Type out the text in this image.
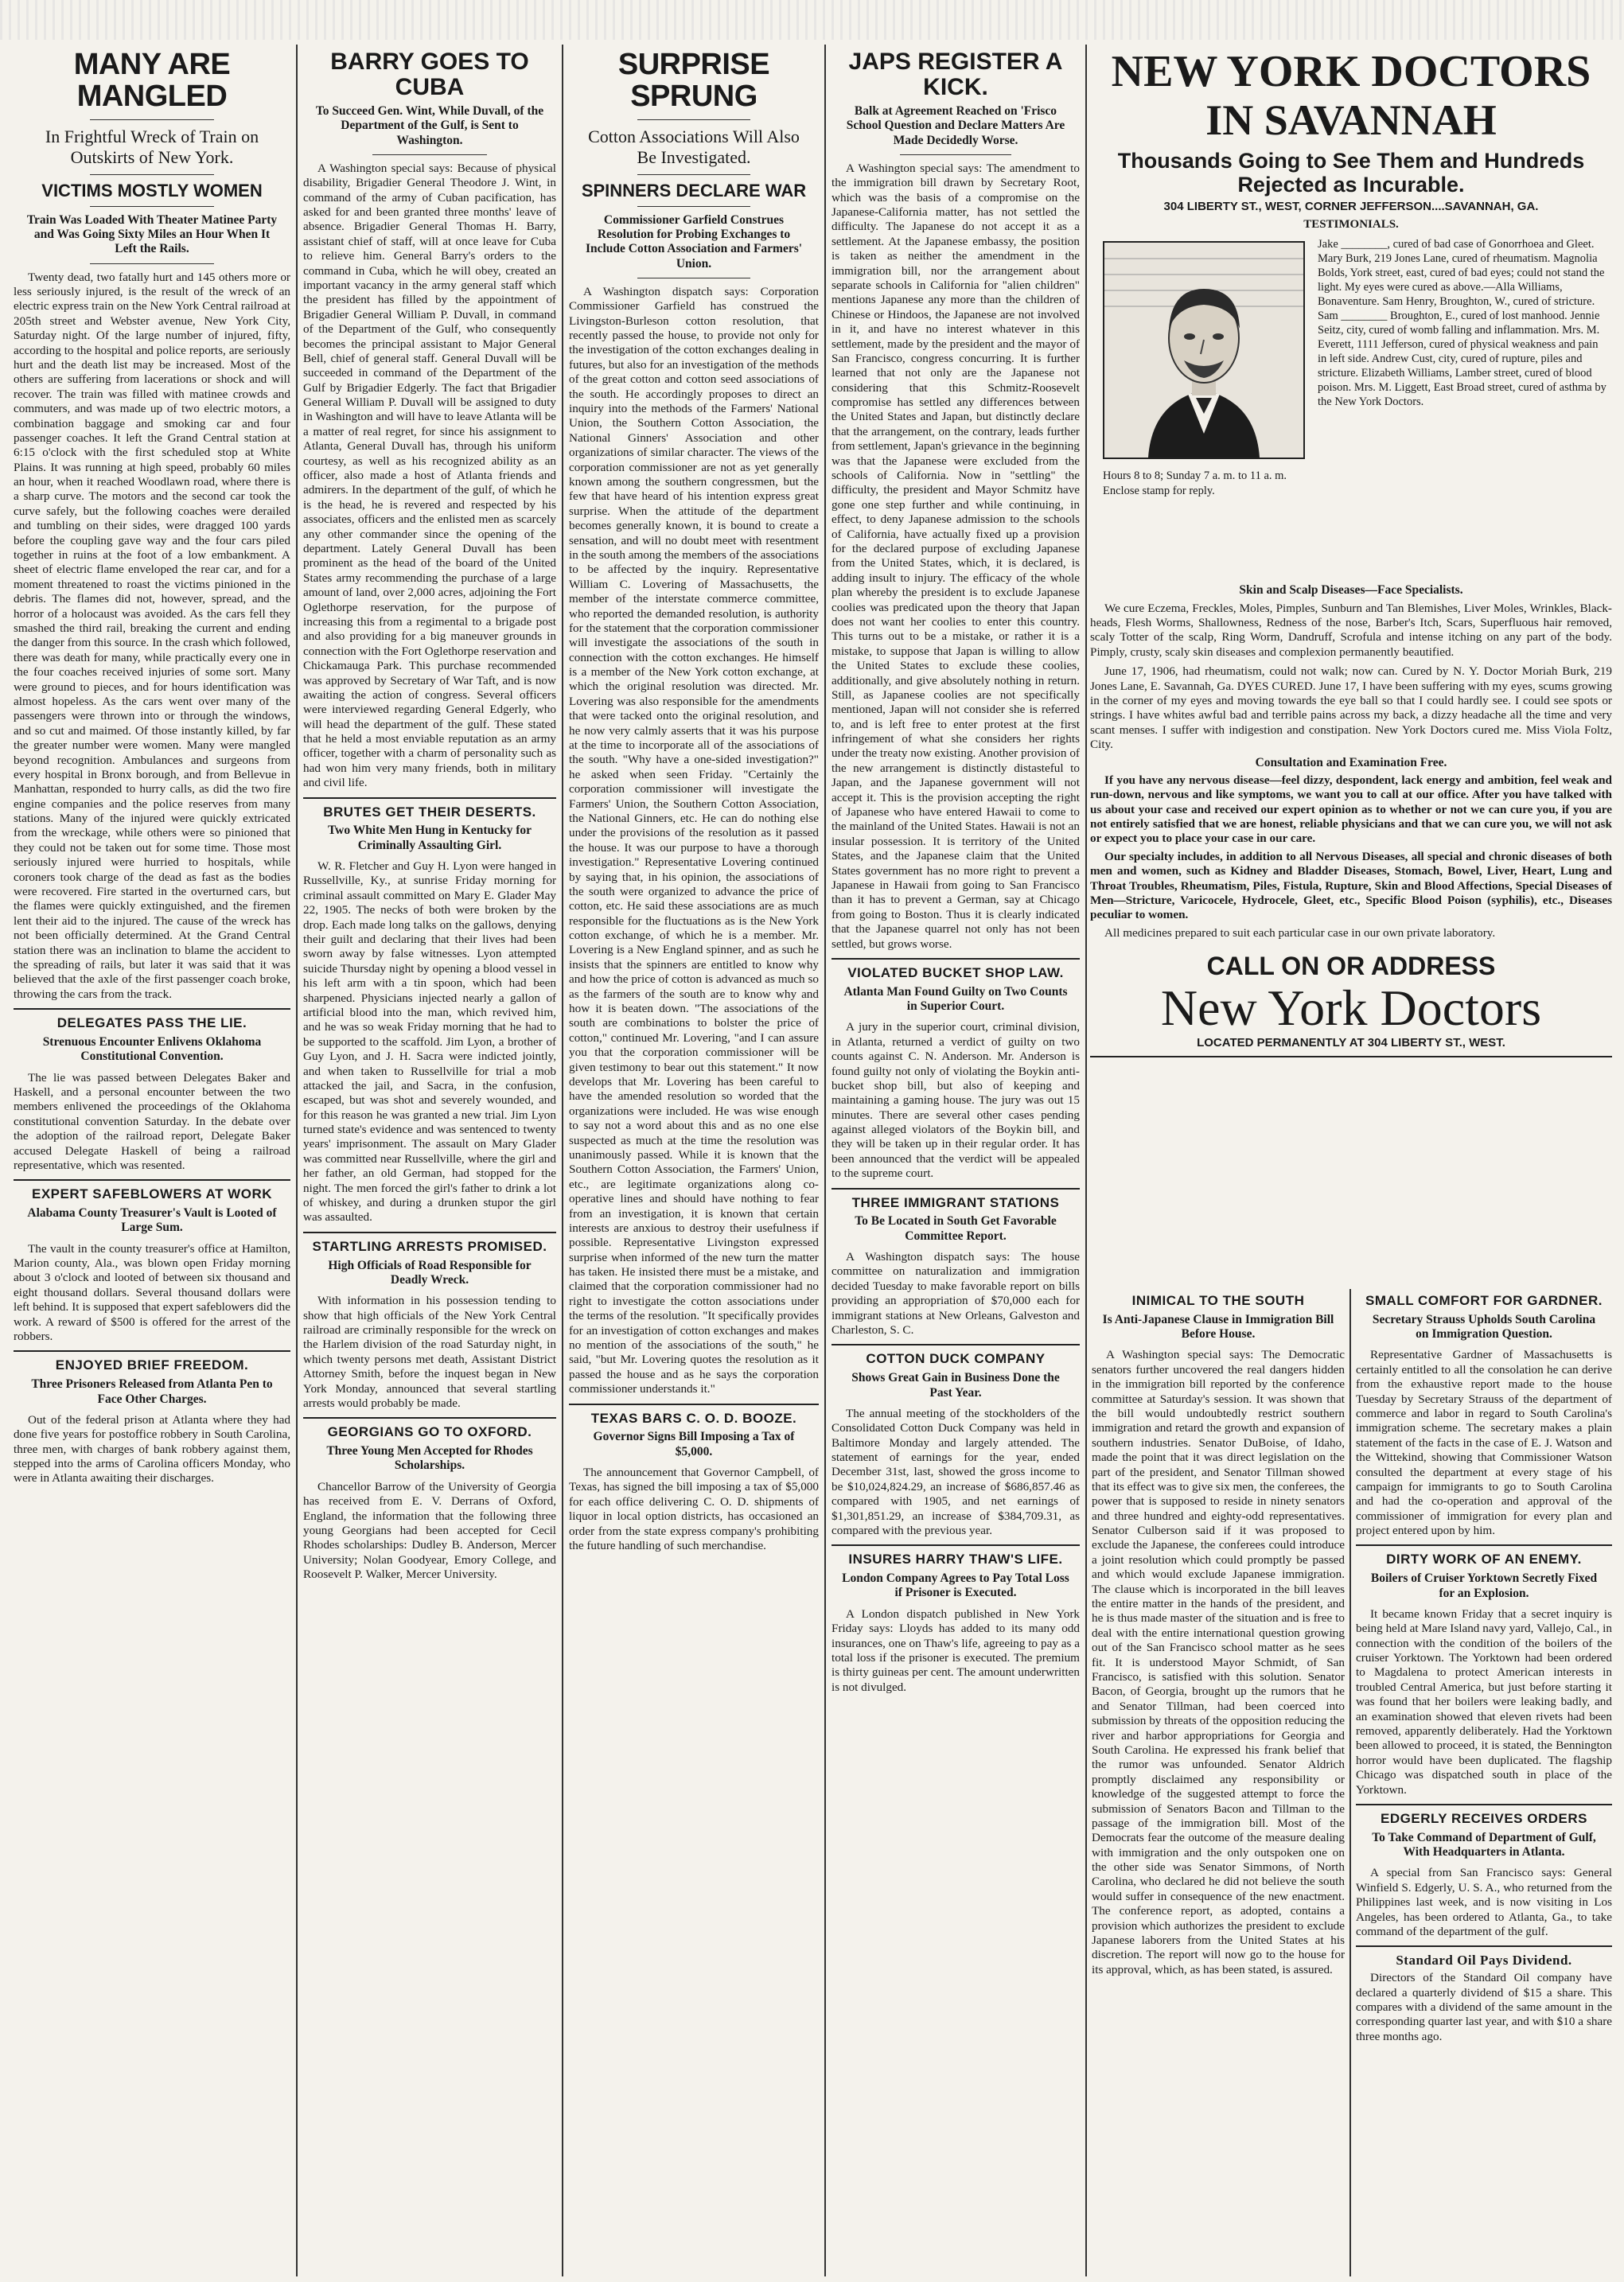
MANY ARE MANGLED
In Frightful Wreck of Train on Outskirts of New York.
VICTIMS MOSTLY WOMEN
Train Was Loaded With Theater Matinee Party and Was Going Sixty Miles an Hour When It Left the Rails.

Twenty dead, two fatally hurt and 145 others more or less seriously injured, is the result of the wreck of an electric express train on the New York Central railroad at 205th street and Webster avenue, New York City, Saturday night. Of the large number of injured, fifty, according to the hospital and police reports, are seriously hurt and the death list may be increased. Most of the others are suffering from lacerations or shock and will recover. The train was filled with matinee crowds and commuters, and was made up of two electric motors, a combination baggage and smoking car and four passenger coaches. It left the Grand Central station at 6:15 o'clock with the first scheduled stop at White Plains. It was running at high speed, probably 60 miles an hour, when it reached Woodlawn road, where there is a sharp curve. The motors and the second car took the curve safely, but the following coaches were derailed and tumbling on their sides, were dragged 100 yards before the coupling gave way and the four cars piled together in ruins at the foot of a low embankment. A sheet of electric flame enveloped the rear car, and for a moment threatened to roast the victims pinioned in the debris. The flames did not, however, spread, and the horror of a holocaust was avoided. As the cars fell they smashed the third rail, breaking the current and ending the danger from this source. In the crash which followed, there was death for many, while practically every one in the four coaches received injuries of some sort. Many were ground to pieces, and for hours identification was almost hopeless. As the cars went over many of the passengers were thrown into or through the windows, and so cut and maimed. Of those instantly killed, by far the greater number were women. Many were mangled beyond recognition. Ambulances and surgeons from every hospital in Bronx borough, and from Bellevue in Manhattan, responded to hurry calls, as did the two fire engine companies and the police reserves from many stations. Many of the injured were quickly extricated from the wreckage, while others were so pinioned that they could not be taken out for some time. Those most seriously injured were hurried to hospitals, while coroners took charge of the dead as fast as the bodies were recovered. Fire started in the overturned cars, but the flames were quickly extinguished, and the firemen lent their aid to the injured. The cause of the wreck has not been officially determined. At the Grand Central station there was an inclination to blame the accident to the spreading of rails, but later it was said that it was believed that the axle of the first passenger coach broke, throwing the cars from the track.

DELEGATES PASS THE LIE.
Strenuous Encounter Enlivens Oklahoma Constitutional Convention.

The lie was passed between Delegates Baker and Haskell, and a personal encounter between the two members enlivened the proceedings of the Oklahoma constitutional convention Saturday. In the debate over the adoption of the railroad report, Delegate Baker accused Delegate Haskell of being a railroad representative, which was resented.

EXPERT SAFEBLOWERS AT WORK
Alabama County Treasurer's Vault is Looted of Large Sum.

The vault in the county treasurer's office at Hamilton, Marion county, Ala., was blown open Friday morning about 3 o'clock and looted of between six thousand and eight thousand dollars. Several thousand dollars were left behind. It is supposed that expert safeblowers did the work. A reward of $500 is offered for the arrest of the robbers.

ENJOYED BRIEF FREEDOM.
Three Prisoners Released from Atlanta Pen to Face Other Charges.

Out of the federal prison at Atlanta where they had done five years for postoffice robbery in South Carolina, three men, with charges of bank robbery against them, stepped into the arms of Carolina officers Monday, who were in Atlanta awaiting their discharges.

BARRY GOES TO CUBA
To Succeed Gen. Wint, While Duvall, of the Department of the Gulf, is Sent to Washington.

A Washington special says: Because of physical disability, Brigadier General Theodore J. Wint, in command of the army of Cuban pacification, has asked for and been granted three months' leave of absence. Brigadier General Thomas H. Barry, assistant chief of staff, will at once leave for Cuba to relieve him. General Barry's orders to the command in Cuba, which he will obey, created an important vacancy in the army general staff which the president has filled by the appointment of Brigadier General William P. Duvall, in command of the Department of the Gulf, who consequently becomes the principal assistant to Major General Bell, chief of general staff. General Duvall will be succeeded in command of the Department of the Gulf by Brigadier Edgerly. The fact that Brigadier General William P. Duvall will be assigned to duty in Washington and will have to leave Atlanta will be a matter of real regret, for since his assignment to Atlanta, General Duvall has, through his uniform courtesy, as well as his recognized ability as an officer, also made a host of Atlanta friends and admirers. In the department of the gulf, of which he is the head, he is revered and respected by his associates, officers and the enlisted men as scarcely any other commander since the opening of the department. Lately General Duvall has been prominent as the head of the board of the United States army recommending the purchase of a large amount of land, over 2,000 acres, adjoining the Fort Oglethorpe reservation, for the purpose of increasing this from a regimental to a brigade post and also providing for a big maneuver grounds in connection with the Fort Oglethorpe reservation and Chickamauga Park. This purchase recommended was approved by Secretary of War Taft, and is now awaiting the action of congress. Several officers were interviewed regarding General Edgerly, who will head the department of the gulf. These stated that he held a most enviable reputation as an army officer, together with a charm of personality such as had won him very many friends, both in military and civil life.

BRUTES GET THEIR DESERTS.
Two White Men Hung in Kentucky for Criminally Assaulting Girl.

W. R. Fletcher and Guy H. Lyon were hanged in Russellville, Ky., at sunrise Friday morning for criminal assault committed on Mary E. Glader May 22, 1905. The necks of both were broken by the drop. Each made long talks on the gallows, denying their guilt and declaring that their lives had been sworn away by false witnesses. Lyon attempted suicide Thursday night by opening a blood vessel in his left arm with a tin spoon, which had been sharpened. Physicians injected nearly a gallon of artificial blood into the man, which revived him, and he was so weak Friday morning that he had to be supported to the scaffold. Jim Lyon, a brother of Guy Lyon, and J. H. Sacra were indicted jointly, and when taken to Russellville for trial a mob attacked the jail, and Sacra, in the confusion, escaped, but was shot and severely wounded, and for this reason he was granted a new trial. Jim Lyon turned state's evidence and was sentenced to twenty years' imprisonment. The assault on Mary Glader was committed near Russellville, where the girl and her father, an old German, had stopped for the night. The men forced the girl's father to drink a lot of whiskey, and during a drunken stupor the girl was assaulted.

STARTLING ARRESTS PROMISED.
High Officials of Road Responsible for Deadly Wreck.

With information in his possession tending to show that high officials of the New York Central railroad are criminally responsible for the wreck on the Harlem division of the road Saturday night, in which twenty persons met death, Assistant District Attorney Smith, before the inquest began in New York Monday, announced that several startling arrests would probably be made.

GEORGIANS GO TO OXFORD.
Three Young Men Accepted for Rhodes Scholarships.

Chancellor Barrow of the University of Georgia has received from E. V. Derrans of Oxford, England, the information that the following three young Georgians had been accepted for Cecil Rhodes scholarships: Dudley B. Anderson, Mercer University; Nolan Goodyear, Emory College, and Roosevelt P. Walker, Mercer University.

SURPRISE SPRUNG
Cotton Associations Will Also Be Investigated.
SPINNERS DECLARE WAR
Commissioner Garfield Construes Resolution for Probing Exchanges to Include Cotton Association and Farmers' Union.

A Washington dispatch says: Corporation Commissioner Garfield has construed the Livingston-Burleson cotton resolution, that recently passed the house, to provide not only for the investigation of the cotton exchanges dealing in futures, but also for an investigation of the methods of the great cotton and cotton seed associations of the south. He accordingly proposes to direct an inquiry into the methods of the Farmers' National Union, the Southern Cotton Association, the National Ginners' Association and other organizations of similar character. The views of the corporation commissioner are not as yet generally known among the southern congressmen, but the few that have heard of his intention express great surprise. When the attitude of the department becomes generally known, it is bound to create a sensation, and will no doubt meet with resentment in the south among the members of the associations to be affected by the inquiry. Representative William C. Lovering of Massachusetts, the member of the interstate commerce committee, who reported the demanded resolution, is authority for the statement that the corporation commissioner will investigate the associations of the south in connection with the cotton exchanges. He himself is a member of the New York cotton exchange, at which the original resolution was directed. Mr. Lovering was also responsible for the amendments that were tacked onto the original resolution, and he now very calmly asserts that it was his purpose at the time to incorporate all of the associations of the south. "Why have a one-sided investigation?" he asked when seen Friday. "Certainly the corporation commissioner will investigate the Farmers' Union, the Southern Cotton Association, the National Ginners, etc. He can do nothing else under the provisions of the resolution as it passed the house. It was our purpose to have a thorough investigation." Representative Lovering continued by saying that, in his opinion, the associations of the south were organized to advance the price of cotton, etc. He said these associations are as much responsible for the fluctuations as is the New York cotton exchange, of which he is a member. Mr. Lovering is a New England spinner, and as such he insists that the spinners are entitled to know why and how the price of cotton is advanced as much so as the farmers of the south are to know why and how it is beaten down. "The associations of the south are combinations to bolster the price of cotton," continued Mr. Lovering, "and I can assure you that the corporation commissioner will be given testimony to bear out this statement." It now develops that Mr. Lovering has been careful to have the amended resolution so worded that the organizations were included. He was wise enough to say not a word about this and as no one else suspected as much at the time the resolution was unanimously passed. While it is known that the Southern Cotton Association, the Farmers' Union, etc., are legitimate organizations along co-operative lines and should have nothing to fear from an investigation, it is known that certain interests are anxious to destroy their usefulness if possible. Representative Livingston expressed surprise when informed of the new turn the matter has taken. He insisted there must be a mistake, and claimed that the corporation commissioner had no right to investigate the cotton associations under the terms of the resolution. "It specifically provides for an investigation of cotton exchanges and makes no mention of the associations of the south," he said, "but Mr. Lovering quotes the resolution as it passed the house and as he says the corporation commissioner understands it."

TEXAS BARS C. O. D. BOOZE.
Governor Signs Bill Imposing a Tax of $5,000.

The announcement that Governor Campbell, of Texas, has signed the bill imposing a tax of $5,000 for each office delivering C. O. D. shipments of liquor in local option districts, has occasioned an order from the state express company's prohibiting the future handling of such merchandise.

JAPS REGISTER A KICK.
Balk at Agreement Reached on 'Frisco School Question and Declare Matters Are Made Decidedly Worse.

A Washington special says: The amendment to the immigration bill drawn by Secretary Root, which was the basis of a compromise on the Japanese-California matter, has not settled the difficulty. The Japanese do not accept it as a settlement. At the Japanese embassy, the position is taken as neither the amendment in the immigration bill, nor the arrangement about separate schools in California for "alien children" mentions Japanese any more than the children of Chinese or Hindoos, the Japanese are not involved in it, and have no interest whatever in this settlement, made by the president and the mayor of San Francisco, congress concurring. It is further learned that not only are the Japanese not considering that this Schmitz-Roosevelt compromise has settled any differences between the United States and Japan, but distinctly declare that the arrangement, on the contrary, leads further from settlement, Japan's grievance in the beginning was that the Japanese were excluded from the schools of California. Now in "settling" the difficulty, the president and Mayor Schmitz have gone one step further and while continuing, in effect, to deny Japanese admission to the schools of California, have actually fixed up a provision for the declared purpose of excluding Japanese from the United States, which, it is declared, is adding insult to injury. The efficacy of the whole plan whereby the president is to exclude Japanese coolies was predicated upon the theory that Japan does not want her coolies to enter this country. This turns out to be a mistake, or rather it is a mistake, to suppose that Japan is willing to allow the United States to exclude these coolies, additionally, and give absolutely nothing in return. Still, as Japanese coolies are not specifically mentioned, Japan will not consider she is referred to, and is left free to enter protest at the first infringement of what she considers her rights under the treaty now existing. Another provision of the new arrangement is distinctly distasteful to Japan, and the Japanese government will not accept it. This is the provision accepting the right of Japanese who have entered Hawaii to come to the mainland of the United States. Hawaii is not an insular possession. It is territory of the United States, and the Japanese claim that the United States government has no more right to prevent a Japanese in Hawaii from going to San Francisco than it has to prevent a German, say at Chicago from going to Boston. Thus it is clearly indicated that the Japanese quarrel not only has not been settled, but grows worse.

VIOLATED BUCKET SHOP LAW.
Atlanta Man Found Guilty on Two Counts in Superior Court.

A jury in the superior court, criminal division, in Atlanta, returned a verdict of guilty on two counts against C. N. Anderson. Mr. Anderson is found guilty not only of violating the Boykin anti-bucket shop bill, but also of keeping and maintaining a gaming house. The jury was out 15 minutes. There are several other cases pending against alleged violators of the Boykin bill, and they will be taken up in their regular order. It has been announced that the verdict will be appealed to the supreme court.

THREE IMMIGRANT STATIONS
To Be Located in South Get Favorable Committee Report.

A Washington dispatch says: The house committee on naturalization and immigration decided Tuesday to make favorable report on bills providing an appropriation of $70,000 each for immigrant stations at New Orleans, Galveston and Charleston, S. C.

COTTON DUCK COMPANY
Shows Great Gain in Business Done the Past Year.

The annual meeting of the stockholders of the Consolidated Cotton Duck Company was held in Baltimore Monday and largely attended. The statement of earnings for the year, ended December 31st, last, showed the gross income to be $10,024,824.29, an increase of $686,857.46 as compared with 1905, and net earnings of $1,301,851.29, an increase of $384,709.31, as compared with the previous year.

INSURES HARRY THAW'S LIFE.
London Company Agrees to Pay Total Loss if Prisoner is Executed.

A London dispatch published in New York Friday says: Lloyds has added to its many odd insurances, one on Thaw's life, agreeing to pay as a total loss if the prisoner is executed. The premium is thirty guineas per cent. The amount underwritten is not divulged.

NEW YORK DOCTORS
IN SAVANNAH
Thousands Going to See Them and Hundreds Rejected as Incurable.
304 LIBERTY ST., WEST, CORNER JEFFERSON....SAVANNAH, GA.
TESTIMONIALS.
Hours 8 to 8; Sunday 7 a. m. to 11 a. m. Enclose stamp for reply.
Jake ________, cured of bad case of Gonorrhoea and Gleet. Mary Burk, 219 Jones Lane, cured of rheumatism. Magnolia Bolds, York street, east, cured of bad eyes; could not stand the light. My eyes were cured as above.—Alla Williams, Bonaventure. Sam Henry, Broughton, W., cured of stricture. Sam ________ Broughton, E., cured of lost manhood. Jennie Seitz, city, cured of womb falling and inflammation. Mrs. M. Everett, 1111 Jefferson, cured of physical weakness and pain in left side. Andrew Cust, city, cured of rupture, piles and stricture. Elizabeth Williams, Lamber street, cured of blood poison. Mrs. M. Liggett, East Broad street, cured of asthma by the New York Doctors.
Skin and Scalp Diseases—Face Specialists.

We cure Eczema, Freckles, Moles, Pimples, Sunburn and Tan Blemishes, Liver Moles, Wrinkles, Black-heads, Flesh Worms, Shallowness, Redness of the nose, Barber's Itch, Scars, Superfluous hair removed, scaly Totter of the scalp, Ring Worm, Dandruff, Scrofula and intense itching on any part of the body. Pimply, crusty, scaly skin diseases and complexion permanently beautified.

June 17, 1906, had rheumatism, could not walk; now can. Cured by N. Y. Doctor Moriah Burk, 219 Jones Lane, E. Savannah, Ga. DYES CURED. June 17, I have been suffering with my eyes, scums growing in the corner of my eyes and moving towards the eye ball so that I could hardly see. I could see spots or strings. I have whites awful bad and terrible pains across my back, a dizzy headache all the time and very scant menses. I suffer with indigestion and constipation. New York Doctors cured me. Miss Viola Foltz, City.

Consultation and Examination Free.

If you have any nervous disease—feel dizzy, despondent, lack energy and ambition, feel weak and run-down, nervous and like symptoms, we want you to call at our office. After you have talked with us about your case and received our expert opinion as to whether or not we can cure you, if you are not entirely satisfied that we are honest, reliable physicians and that we can cure you, we will not ask or expect you to place your case in our care.

Our specialty includes, in addition to all Nervous Diseases, all special and chronic diseases of both men and women, such as Kidney and Bladder Diseases, Stomach, Bowel, Liver, Heart, Lung and Throat Troubles, Rheumatism, Piles, Fistula, Rupture, Skin and Blood Affections, Special Diseases of Men—Stricture, Varicocele, Hydrocele, Gleet, etc., Specific Blood Poison (syphilis), etc., Diseases peculiar to women.

All medicines prepared to suit each particular case in our own private laboratory.

CALL ON OR ADDRESS
New York Doctors
LOCATED PERMANENTLY AT 304 LIBERTY ST., WEST.
INIMICAL TO THE SOUTH
Is Anti-Japanese Clause in Immigration Bill Before House.

A Washington special says: The Democratic senators further uncovered the real dangers hidden in the immigration bill reported by the conference committee at Saturday's session. It was shown that the bill would undoubtedly restrict southern immigration and retard the growth and expansion of southern industries. Senator DuBoise, of Idaho, made the point that it was direct legislation on the part of the president, and Senator Tillman showed that its effect was to give six men, the conferees, the power that is supposed to reside in ninety senators and three hundred and eighty-odd representatives. Senator Culberson said if it was proposed to exclude the Japanese, the conferees could introduce a joint resolution which could promptly be passed and which would exclude Japanese immigration. The clause which is incorporated in the bill leaves the entire matter in the hands of the president, and he is thus made master of the situation and is free to deal with the entire international question growing out of the San Francisco school matter as he sees fit. It is understood Mayor Schmidt, of San Francisco, is satisfied with this solution. Senator Bacon, of Georgia, brought up the rumors that he and Senator Tillman, had been coerced into submission by threats of the opposition reducing the river and harbor appropriations for Georgia and South Carolina. He expressed his frank belief that the rumor was unfounded. Senator Aldrich promptly disclaimed any responsibility or knowledge of the suggested attempt to force the submission of Senators Bacon and Tillman to the passage of the immigration bill. Most of the Democrats fear the outcome of the measure dealing with immigration and the only outspoken one on the other side was Senator Simmons, of North Carolina, who declared he did not believe the south would suffer in consequence of the new enactment. The conference report, as adopted, contains a provision which authorizes the president to exclude Japanese laborers from the United States at his discretion. The report will now go to the house for its approval, which, as has been stated, is assured.

SMALL COMFORT FOR GARDNER.
Secretary Strauss Upholds South Carolina on Immigration Question.

Representative Gardner of Massachusetts is certainly entitled to all the consolation he can derive from the exhaustive report made to the house Tuesday by Secretary Strauss of the department of commerce and labor in regard to South Carolina's immigration scheme. The secretary makes a plain statement of the facts in the case of E. J. Watson and the Wittekind, showing that Commissioner Watson consulted the department at every stage of his campaign for immigrants to go to South Carolina and had the co-operation and approval of the commissioner of immigration for every plan and project entered upon by him.

DIRTY WORK OF AN ENEMY.
Boilers of Cruiser Yorktown Secretly Fixed for an Explosion.

It became known Friday that a secret inquiry is being held at Mare Island navy yard, Vallejo, Cal., in connection with the condition of the boilers of the cruiser Yorktown. The Yorktown had been ordered to Magdalena to protect American interests in troubled Central America, but just before starting it was found that her boilers were leaking badly, and an examination showed that eleven rivets had been removed, apparently deliberately. Had the Yorktown been allowed to proceed, it is stated, the Bennington horror would have been duplicated. The flagship Chicago was dispatched south in place of the Yorktown.

EDGERLY RECEIVES ORDERS
To Take Command of Department of Gulf, With Headquarters in Atlanta.

A special from San Francisco says: General Winfield S. Edgerly, U. S. A., who returned from the Philippines last week, and is now visiting in Los Angeles, has been ordered to Atlanta, Ga., to take command of the department of the gulf.

Standard Oil Pays Dividend.

Directors of the Standard Oil company have declared a quarterly dividend of $15 a share. This compares with a dividend of the same amount in the corresponding quarter last year, and with $10 a share three months ago.
